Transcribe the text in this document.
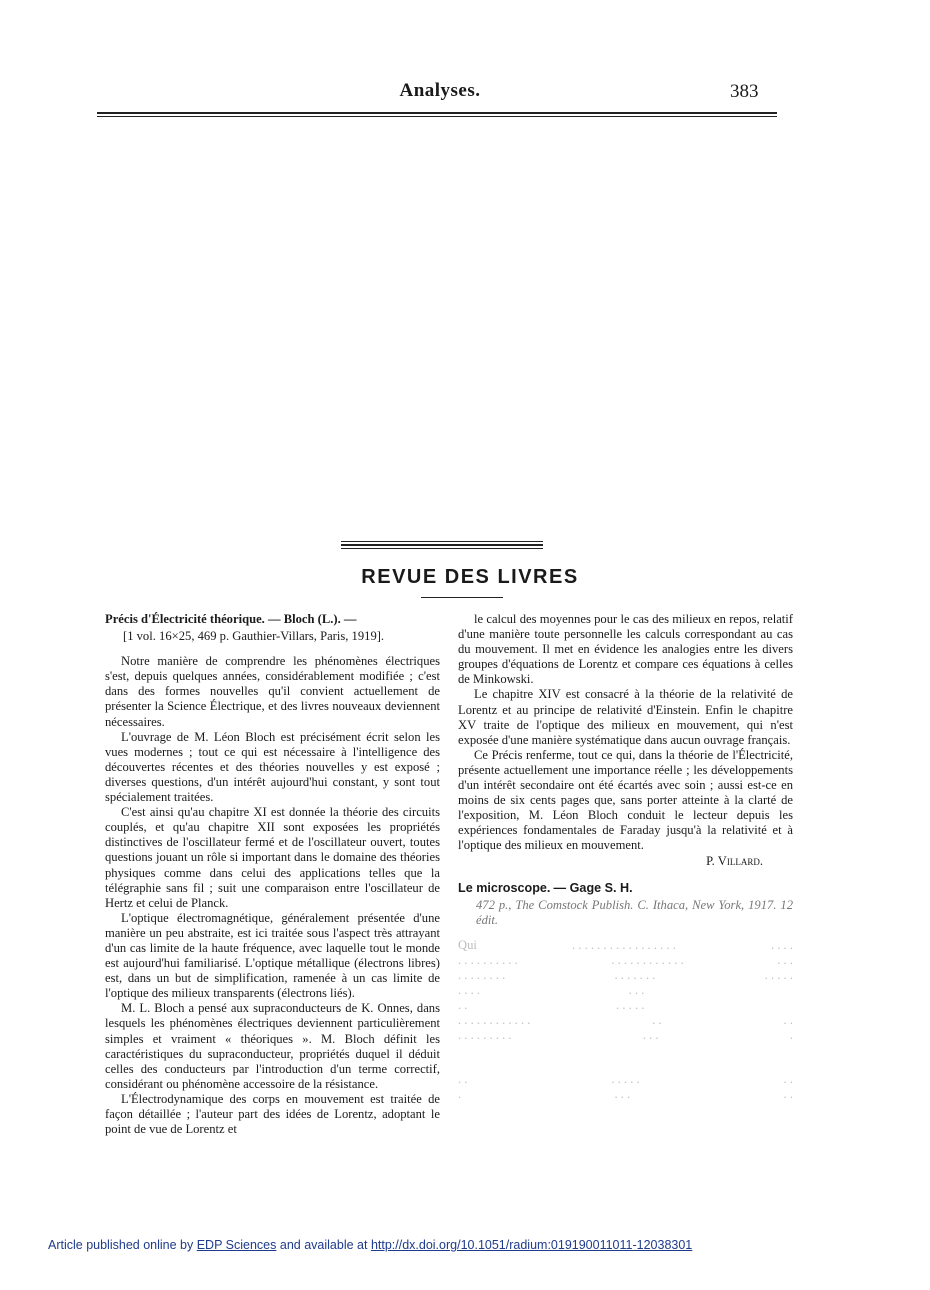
Analyses.	383
REVUE DES LIVRES

Précis d'Électricité théorique. — Bloch (L.). —

[1 vol. 16×25, 469 p. Gauthier-Villars, Paris, 1919].

Notre manière de comprendre les phénomènes électriques s'est, depuis quelques années, considérablement modifiée ; c'est dans des formes nouvelles qu'il convient actuellement de présenter la Science Électrique, et des livres nouveaux deviennent nécessaires.

L'ouvrage de M. Léon Bloch est précisément écrit selon les vues modernes ; tout ce qui est nécessaire à l'intelligence des découvertes récentes et des théories nouvelles y est exposé ; diverses questions, d'un intérêt aujourd'hui constant, y sont tout spécialement traitées.

C'est ainsi qu'au chapitre XI est donnée la théorie des circuits couplés, et qu'au chapitre XII sont exposées les propriétés distinctives de l'oscillateur fermé et de l'oscillateur ouvert, toutes questions jouant un rôle si important dans le domaine des théories physiques comme dans celui des applications telles que la télégraphie sans fil ; suit une comparaison entre l'oscillateur de Hertz et celui de Planck.

L'optique électromagnétique, généralement présentée d'une manière un peu abstraite, est ici traitée sous l'aspect très attrayant d'un cas limite de la haute fréquence, avec laquelle tout le monde est aujourd'hui familiarisé. L'optique métallique (électrons libres) est, dans un but de simplification, ramenée à un cas limite de l'optique des milieux transparents (électrons liés).

M. L. Bloch a pensé aux supraconducteurs de K. Onnes, dans lesquels les phénomènes électriques deviennent particulièrement simples et vraiment « théoriques ». M. Bloch définit les caractéristiques du supraconducteur, propriétés duquel il déduit celles des conducteurs par l'introduction d'un terme correctif, considérant ou phénomène accessoire de la résistance.

L'Électrodynamique des corps en mouvement est traitée de façon détaillée ; l'auteur part des idées de Lorentz, adoptant le point de vue de Lorentz et

le calcul des moyennes pour le cas des milieux en repos, relatif d'une manière toute personnelle les calculs correspondant au cas du mouvement. Il met en évidence les analogies entre les divers groupes d'équations de Lorentz et compare ces équations à celles de Minkowski.

Le chapitre XIV est consacré à la théorie de la relativité de Lorentz et au principe de relativité d'Einstein. Enfin le chapitre XV traite de l'optique des milieux en mouvement, qui n'est exposée d'une manière systématique dans aucun ouvrage français.

Ce Précis renferme, tout ce qui, dans la théorie de l'Électricité, présente actuellement une importance réelle ; les développements d'un intérêt secondaire ont été écartés avec soin ; aussi est-ce en moins de six cents pages que, sans porter atteinte à la clarté de l'exposition, M. Léon Bloch conduit le lecteur depuis les expériences fondamentales de Faraday jusqu'à la relativité et à l'optique des milieux en mouvement.

P. Villard.

Le microscope. — Gage S. H.

472 p., The Comstock Publish. C. Ithaca, New York, 1917. 12 édit.

Qui	. . . . . . . . . . . . . . . . .	. . . .
. . . . . . . . . .	. . . . . . . . . . . .	. . .
. . . . . . . .	. . . . . . .	. . . . .
. . . .	. . .
. .	. . . . .
. . . . . . . . . . . .	. .	. .
. . . . . . . . .	. . .	.
. .	. . . . .	. .
.	. . .	. .
Article published online by EDP Sciences and available at http://dx.doi.org/10.1051/radium:019190011011-12038301
